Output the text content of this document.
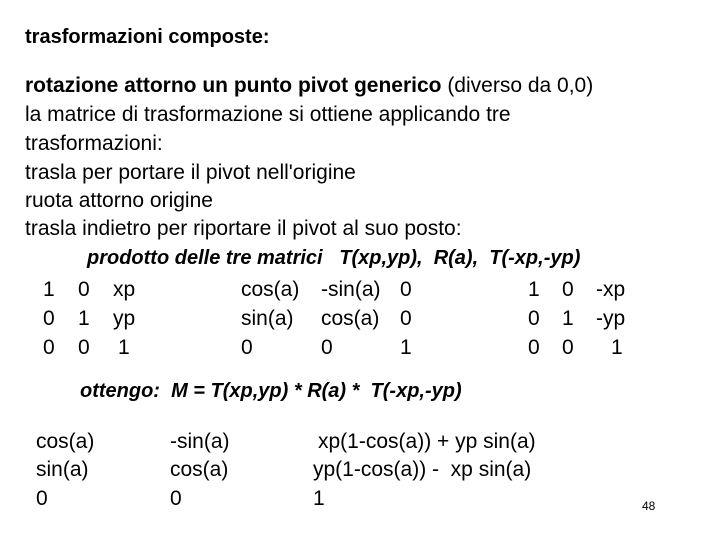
trasformazioni composte:
rotazione attorno un punto pivot generico (diverso da 0,0)
la matrice di trasformazione si ottiene applicando tre
trasformazioni:
trasla per portare il pivot nell'origine
ruota attorno origine
trasla indietro per riportare il pivot al suo posto:
prodotto delle tre matrici   T(xp,yp),  R(a),  T(-xp,-yp)
1 0 xp
0 1 yp
0 0 1
cos(a) -sin(a) 0
sin(a) cos(a) 0
0	0	1
1 0 -xp
0 1 -yp
0 0 1
ottengo:  M = T(xp,yp) * R(a) *  T(-xp,-yp)
cos(a)	-sin(a)	xp(1-cos(a)) + yp sin(a)
sin(a)	cos(a)	yp(1-cos(a)) -  xp sin(a)
0	0	1	48
